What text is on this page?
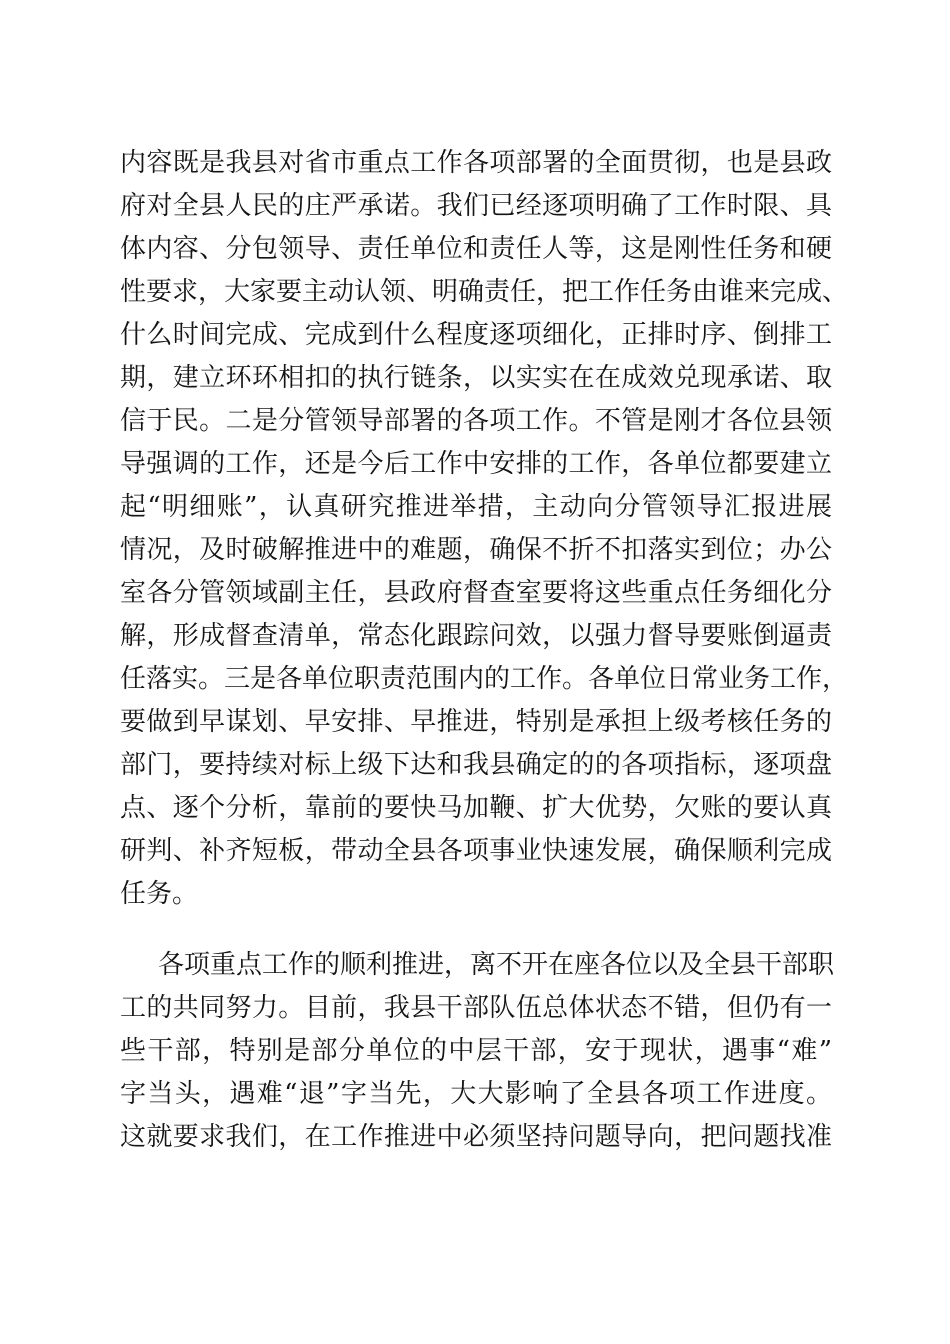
内容既是我县对省市重点工作各项部署的全面贯彻，也是县政
府对全县人民的庄严承诺。我们已经逐项明确了工作时限、具
体内容、分包领导、责任单位和责任人等，这是刚性任务和硬
性要求，大家要主动认领、明确责任，把工作任务由谁来完成、
什么时间完成、完成到什么程度逐项细化，正排时序、倒排工
期，建立环环相扣的执行链条，以实实在在成效兑现承诺、取
信于民。二是分管领导部署的各项工作。不管是刚才各位县领
导强调的工作，还是今后工作中安排的工作，各单位都要建立
起“明细账”，认真研究推进举措，主动向分管领导汇报进展
情况，及时破解推进中的难题，确保不折不扣落实到位；办公
室各分管领域副主任，县政府督查室要将这些重点任务细化分
解，形成督查清单，常态化跟踪问效，以强力督导要账倒逼责
任落实。三是各单位职责范围内的工作。各单位日常业务工作，
要做到早谋划、早安排、早推进，特别是承担上级考核任务的
部门，要持续对标上级下达和我县确定的的各项指标，逐项盘
点、逐个分析，靠前的要快马加鞭、扩大优势，欠账的要认真
研判、补齐短板，带动全县各项事业快速发展，确保顺利完成
任务。
各项重点工作的顺利推进，离不开在座各位以及全县干部职
工的共同努力。目前，我县干部队伍总体状态不错，但仍有一
些干部，特别是部分单位的中层干部，安于现状，遇事“难”
字当头，遇难“退”字当先，大大影响了全县各项工作进度。
这就要求我们，在工作推进中必须坚持问题导向，把问题找准
